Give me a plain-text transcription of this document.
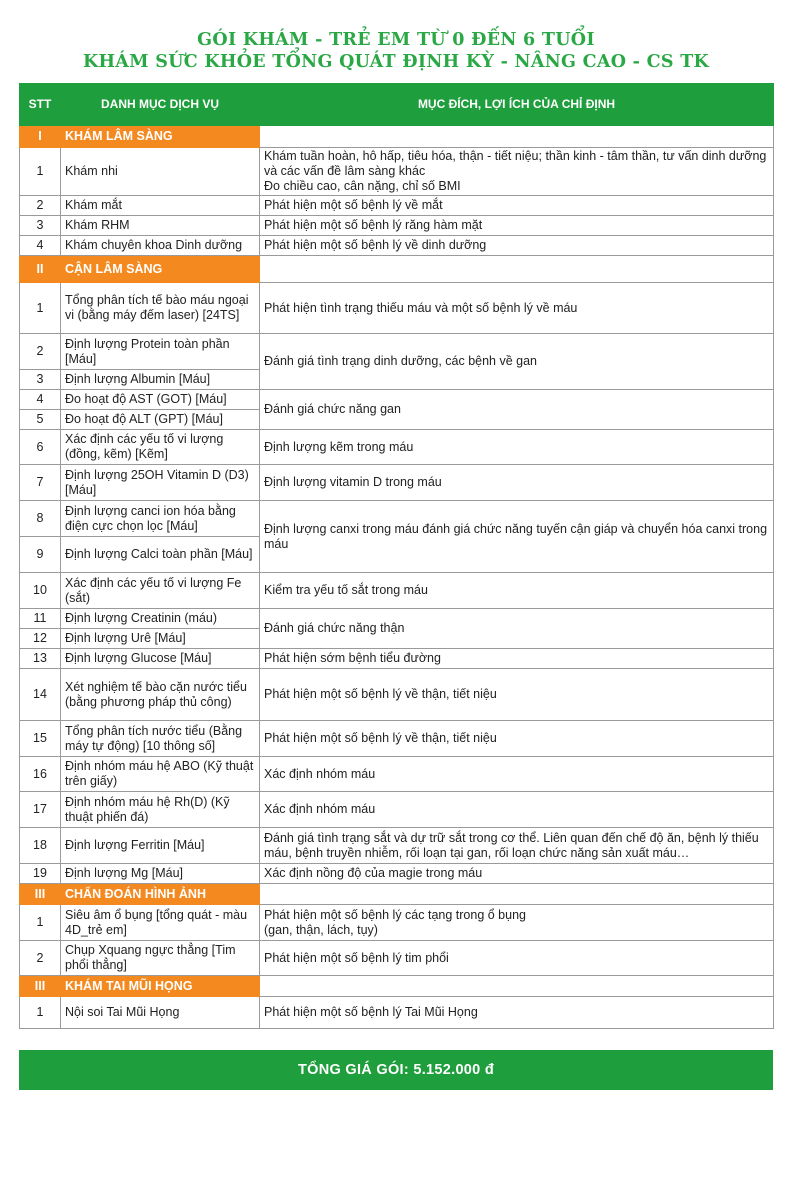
GÓI KHÁM - TRẺ EM TỪ 0 ĐẾN 6 TUỔI
KHÁM SỨC KHỎE TỔNG QUÁT ĐỊNH KỲ - NÂNG CAO - CS TK
STT	DANH MỤC DỊCH VỤ	MỤC ĐÍCH, LỢI ÍCH CỦA CHỈ ĐỊNH
I	KHÁM LÂM SÀNG	
1	Khám nhi	Khám tuần hoàn, hô hấp, tiêu hóa, thận - tiết niệu; thần kinh - tâm thần, tư vấn dinh dưỡng và các vấn đề lâm sàng khác
Đo chiều cao, cân nặng, chỉ số BMI
2	Khám mắt	Phát hiện một số bệnh lý về mắt
3	Khám RHM	Phát hiện một số bệnh lý răng hàm mặt
4	Khám chuyên khoa Dinh dưỡng	Phát hiện một số bệnh lý về dinh dưỡng
II	CẬN LÂM SÀNG	
1	Tổng phân tích tế bào máu ngoại vi (bằng máy đếm laser) [24TS]	Phát hiện tình trạng thiếu máu và một số bệnh lý về máu
2	Định lượng Protein toàn phần [Máu]	Đánh giá tình trạng dinh dưỡng, các bệnh về gan
3	Định lượng Albumin [Máu]	
4	Đo hoạt độ AST (GOT) [Máu]	Đánh giá chức năng gan
5	Đo hoạt độ ALT (GPT) [Máu]	
6	Xác định các yếu tố vi lượng (đồng, kẽm) [Kẽm]	Định lượng kẽm trong máu
7	Định lượng 25OH Vitamin D (D3) [Máu]	Định lượng vitamin D trong máu
8	Định lượng canci ion hóa bằng điện cực chọn lọc [Máu]	Định lượng canxi trong máu đánh giá chức năng tuyến cận giáp và chuyển hóa canxi trong máu
9	Định lượng Calci toàn phần [Máu]	
10	Xác định các yếu tố vi lượng Fe (sắt)	Kiểm tra yếu tố sắt trong máu
11	Định lượng Creatinin (máu)	Đánh giá chức năng thận
12	Định lượng Urê [Máu]	
13	Định lượng Glucose [Máu]	Phát hiện sớm bệnh tiểu đường
14	Xét nghiệm tế bào cặn nước tiểu (bằng phương pháp thủ công)	Phát hiện một số bệnh lý về thận, tiết niệu
15	Tổng phân tích nước tiểu (Bằng máy tự động) [10 thông số]	Phát hiện một số bệnh lý về thận, tiết niệu
16	Định nhóm máu hệ ABO (Kỹ thuật trên giấy)	Xác định nhóm máu
17	Định nhóm máu hệ Rh(D) (Kỹ thuật phiến đá)	Xác định nhóm máu
18	Định lượng Ferritin [Máu]	Đánh giá tình trạng sắt và dự trữ sắt trong cơ thể. Liên quan đến chế độ ăn, bệnh lý thiếu máu, bệnh truyền nhiễm, rối loạn tại gan, rối loạn chức năng sản xuất máu…
19	Định lượng Mg [Máu]	Xác định nồng độ của magie trong máu
III	CHẨN ĐOÁN HÌNH ẢNH	
1	Siêu âm ổ bụng [tổng quát - màu 4D_trẻ em]	Phát hiện một số bệnh lý các tạng trong ổ bụng
(gan, thận, lách, tụy)
2	Chụp Xquang ngực thẳng [Tim phổi thẳng]	Phát hiện một số bệnh lý tim phổi
III	KHÁM TAI MŨI HỌNG	
1	Nội soi Tai Mũi Họng	Phát hiện một số bệnh lý Tai Mũi Họng
TỔNG GIÁ GÓI: 5.152.000 đ
